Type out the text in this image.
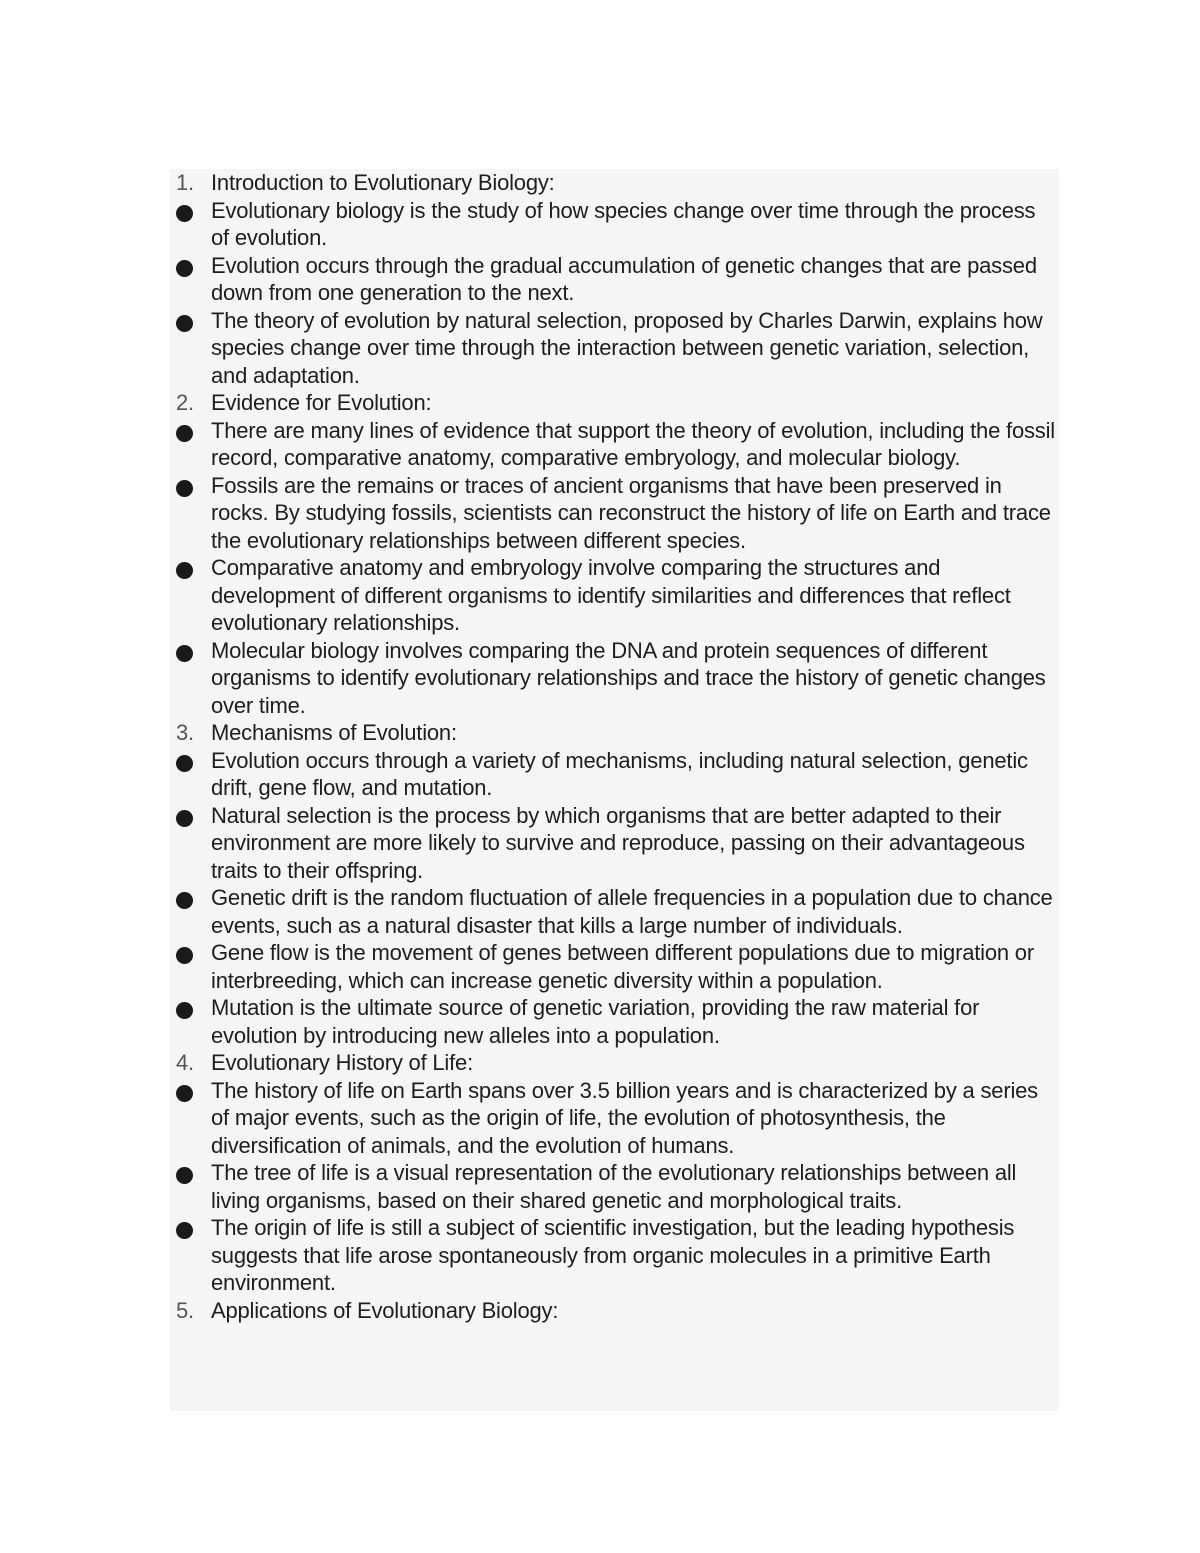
1. Introduction to Evolutionary Biology:
Evolutionary biology is the study of how species change over time through the process of evolution.
Evolution occurs through the gradual accumulation of genetic changes that are passed down from one generation to the next.
The theory of evolution by natural selection, proposed by Charles Darwin, explains how species change over time through the interaction between genetic variation, selection, and adaptation.
2. Evidence for Evolution:
There are many lines of evidence that support the theory of evolution, including the fossil record, comparative anatomy, comparative embryology, and molecular biology.
Fossils are the remains or traces of ancient organisms that have been preserved in rocks. By studying fossils, scientists can reconstruct the history of life on Earth and trace the evolutionary relationships between different species.
Comparative anatomy and embryology involve comparing the structures and development of different organisms to identify similarities and differences that reflect evolutionary relationships.
Molecular biology involves comparing the DNA and protein sequences of different organisms to identify evolutionary relationships and trace the history of genetic changes over time.
3. Mechanisms of Evolution:
Evolution occurs through a variety of mechanisms, including natural selection, genetic drift, gene flow, and mutation.
Natural selection is the process by which organisms that are better adapted to their environment are more likely to survive and reproduce, passing on their advantageous traits to their offspring.
Genetic drift is the random fluctuation of allele frequencies in a population due to chance events, such as a natural disaster that kills a large number of individuals.
Gene flow is the movement of genes between different populations due to migration or interbreeding, which can increase genetic diversity within a population.
Mutation is the ultimate source of genetic variation, providing the raw material for evolution by introducing new alleles into a population.
4. Evolutionary History of Life:
The history of life on Earth spans over 3.5 billion years and is characterized by a series of major events, such as the origin of life, the evolution of photosynthesis, the diversification of animals, and the evolution of humans.
The tree of life is a visual representation of the evolutionary relationships between all living organisms, based on their shared genetic and morphological traits.
The origin of life is still a subject of scientific investigation, but the leading hypothesis suggests that life arose spontaneously from organic molecules in a primitive Earth environment.
5. Applications of Evolutionary Biology:
